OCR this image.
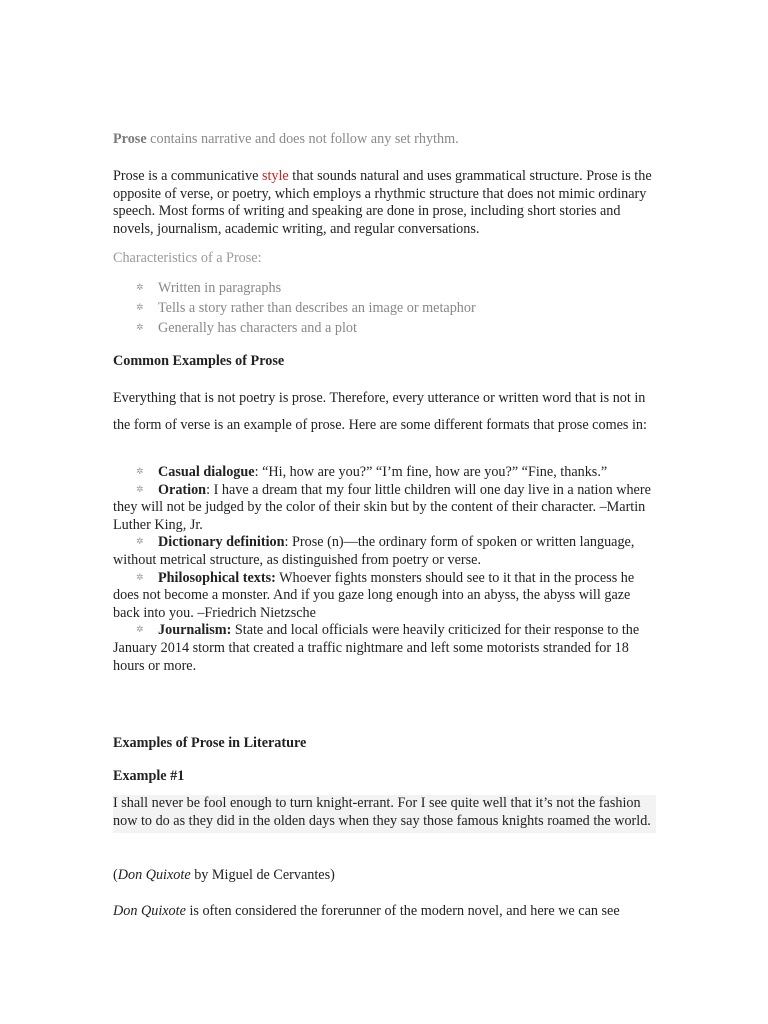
Prose contains narrative and does not follow any set rhythm.

Prose is a communicative style that sounds natural and uses grammatical structure. Prose is the opposite of verse, or poetry, which employs a rhythmic structure that does not mimic ordinary speech. Most forms of writing and speaking are done in prose, including short stories and novels, journalism, academic writing, and regular conversations.

Characteristics of a Prose:
✲ Written in paragraphs
✲ Tells a story rather than describes an image or metaphor
✲ Generally has characters and a plot
Common Examples of Prose

Everything that is not poetry is prose. Therefore, every utterance or written word that is not in the form of verse is an example of prose. Here are some different formats that prose comes in:

✲ Casual dialogue: “Hi, how are you?” “I’m fine, how are you?” “Fine, thanks.”
✲ Oration: I have a dream that my four little children will one day live in a nation where they will not be judged by the color of their skin but by the content of their character. –Martin Luther King, Jr.
✲ Dictionary definition: Prose (n)—the ordinary form of spoken or written language, without metrical structure, as distinguished from poetry or verse.
✲ Philosophical texts: Whoever fights monsters should see to it that in the process he does not become a monster. And if you gaze long enough into an abyss, the abyss will gaze back into you. –Friedrich Nietzsche
✲ Journalism: State and local officials were heavily criticized for their response to the January 2014 storm that created a traffic nightmare and left some motorists stranded for 18 hours or more.
Examples of Prose in Literature
Example #1
I shall never be fool enough to turn knight-errant. For I see quite well that it’s not the fashion now to do as they did in the olden days when they say those famous knights roamed the world.
(Don Quixote by Miguel de Cervantes)
Don Quixote is often considered the forerunner of the modern novel, and here we can see
